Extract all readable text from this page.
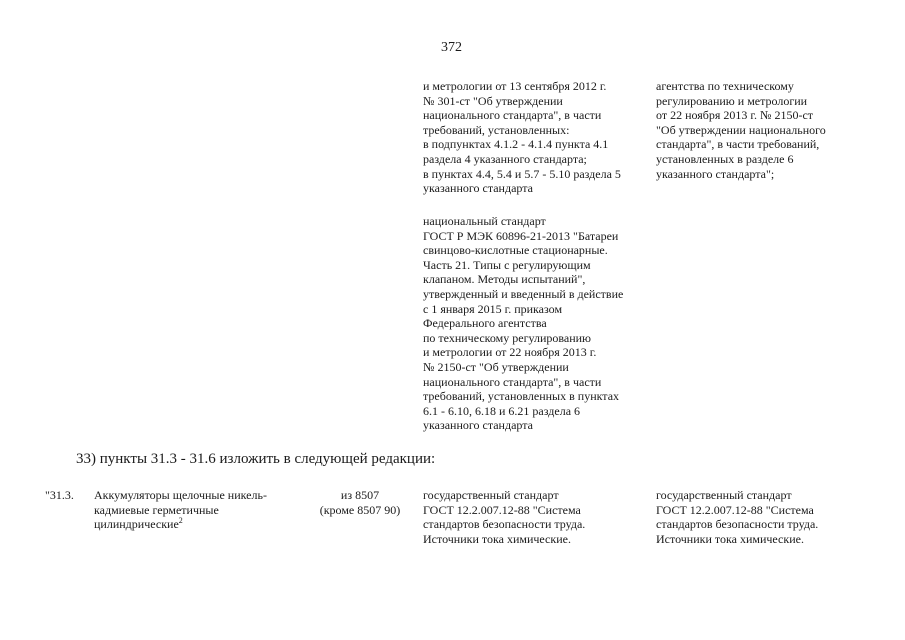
372
и метрологии от 13 сентября 2012 г.
№ 301-ст "Об утверждении
национального стандарта", в части
требований, установленных:
в подпунктах 4.1.2 - 4.1.4 пункта 4.1
раздела 4 указанного стандарта;
в пунктах 4.4, 5.4 и 5.7 - 5.10 раздела 5
указанного стандарта
агентства по техническому
регулированию и метрологии
от 22 ноября 2013 г. № 2150-ст
"Об утверждении национального
стандарта", в части требований,
установленных в разделе 6
указанного стандарта";
национальный стандарт
ГОСТ Р МЭК 60896-21-2013 "Батареи
свинцово-кислотные стационарные.
Часть 21. Типы с регулирующим
клапаном. Методы испытаний",
утвержденный и введенный в действие
с 1 января 2015 г. приказом
Федерального агентства
по техническому регулированию
и метрологии от 22 ноября 2013 г.
№ 2150-ст "Об утверждении
национального стандарта", в части
требований, установленных в пунктах
6.1 - 6.10, 6.18 и 6.21 раздела 6
указанного стандарта
33) пункты 31.3 - 31.6 изложить в следующей редакции:
"31.3.	Аккумуляторы щелочные никель-
кадмиевые герметичные
цилиндрические$^2$
из 8507
(кроме 8507 90)
государственный стандарт
ГОСТ 12.2.007.12-88 "Система
стандартов безопасности труда.
Источники тока химические.
государственный стандарт
ГОСТ 12.2.007.12-88 "Система
стандартов безопасности труда.
Источники тока химические.
